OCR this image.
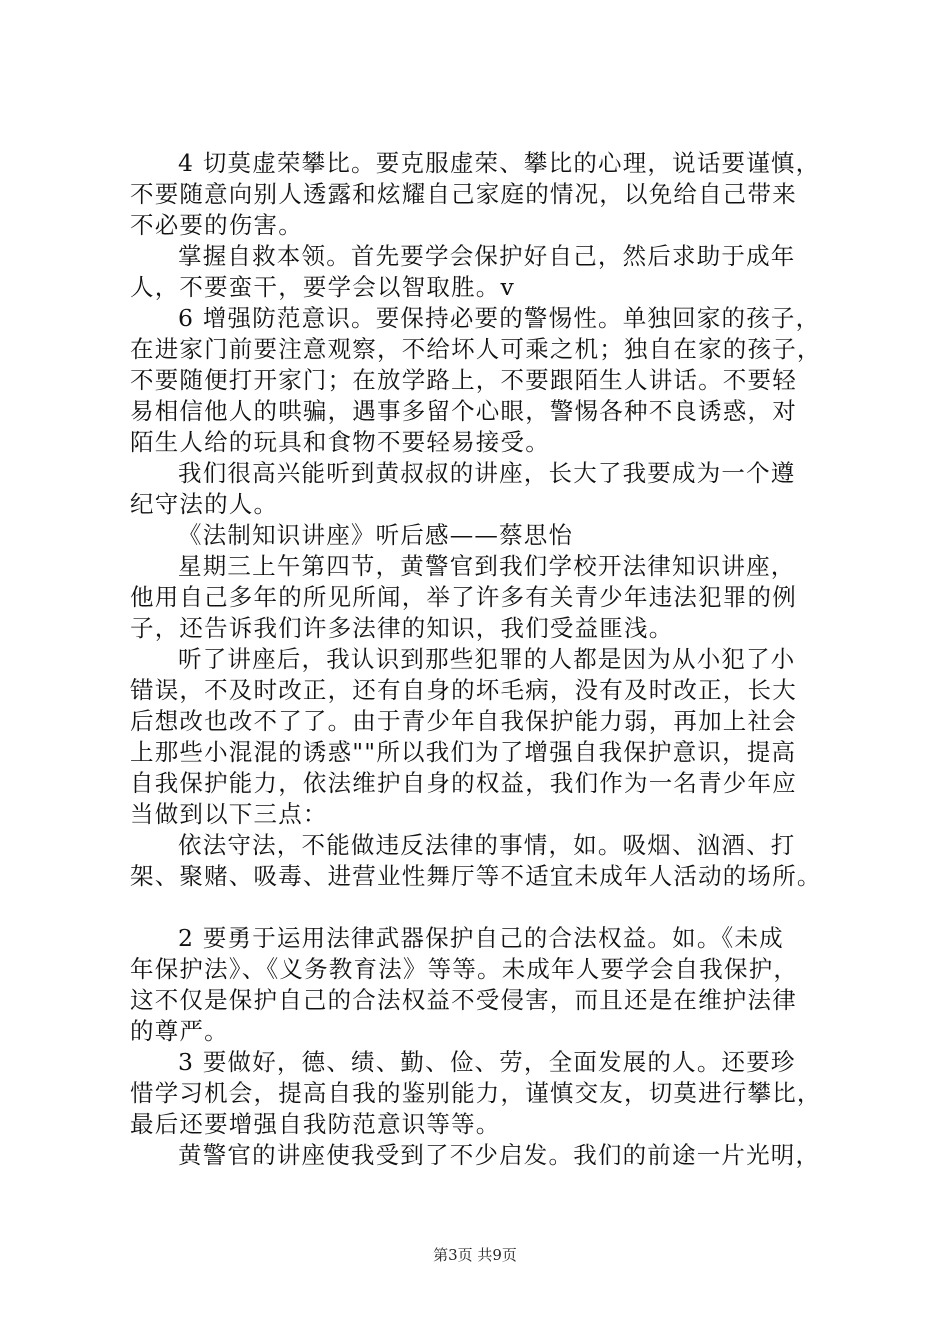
4 切莫虚荣攀比。要克服虚荣、攀比的心理，说话要谨慎，
不要随意向别人透露和炫耀自己家庭的情况，以免给自己带来
不必要的伤害。
掌握自救本领。首先要学会保护好自己，然后求助于成年
人，不要蛮干，要学会以智取胜。v
6 增强防范意识。要保持必要的警惕性。单独回家的孩子，
在进家门前要注意观察，不给坏人可乘之机；独自在家的孩子，
不要随便打开家门；在放学路上，不要跟陌生人讲话。不要轻
易相信他人的哄骗，遇事多留个心眼，警惕各种不良诱惑，对
陌生人给的玩具和食物不要轻易接受。
我们很高兴能听到黄叔叔的讲座，长大了我要成为一个遵
纪守法的人。
《法制知识讲座》听后感——蔡思怡
星期三上午第四节，黄警官到我们学校开法律知识讲座，
他用自己多年的所见所闻，举了许多有关青少年违法犯罪的例
子，还告诉我们许多法律的知识，我们受益匪浅。
听了讲座后，我认识到那些犯罪的人都是因为从小犯了小
错误，不及时改正，还有自身的坏毛病，没有及时改正，长大
后想改也改不了了。由于青少年自我保护能力弱，再加上社会
上那些小混混的诱惑""所以我们为了增强自我保护意识，提高
自我保护能力，依法维护自身的权益，我们作为一名青少年应
当做到以下三点：
依法守法，不能做违反法律的事情，如。吸烟、汹酒、打
架、聚赌、吸毒、进营业性舞厅等不适宜未成年人活动的场所。
2 要勇于运用法律武器保护自己的合法权益。如。《未成
年保护法》、《义务教育法》等等。未成年人要学会自我保护，
这不仅是保护自己的合法权益不受侵害，而且还是在维护法律
的尊严。
3 要做好，德、绩、勤、俭、劳，全面发展的人。还要珍
惜学习机会，提高自我的鉴别能力，谨慎交友，切莫进行攀比，
最后还要增强自我防范意识等等。
黄警官的讲座使我受到了不少启发。我们的前途一片光明，
第3页 共9页
